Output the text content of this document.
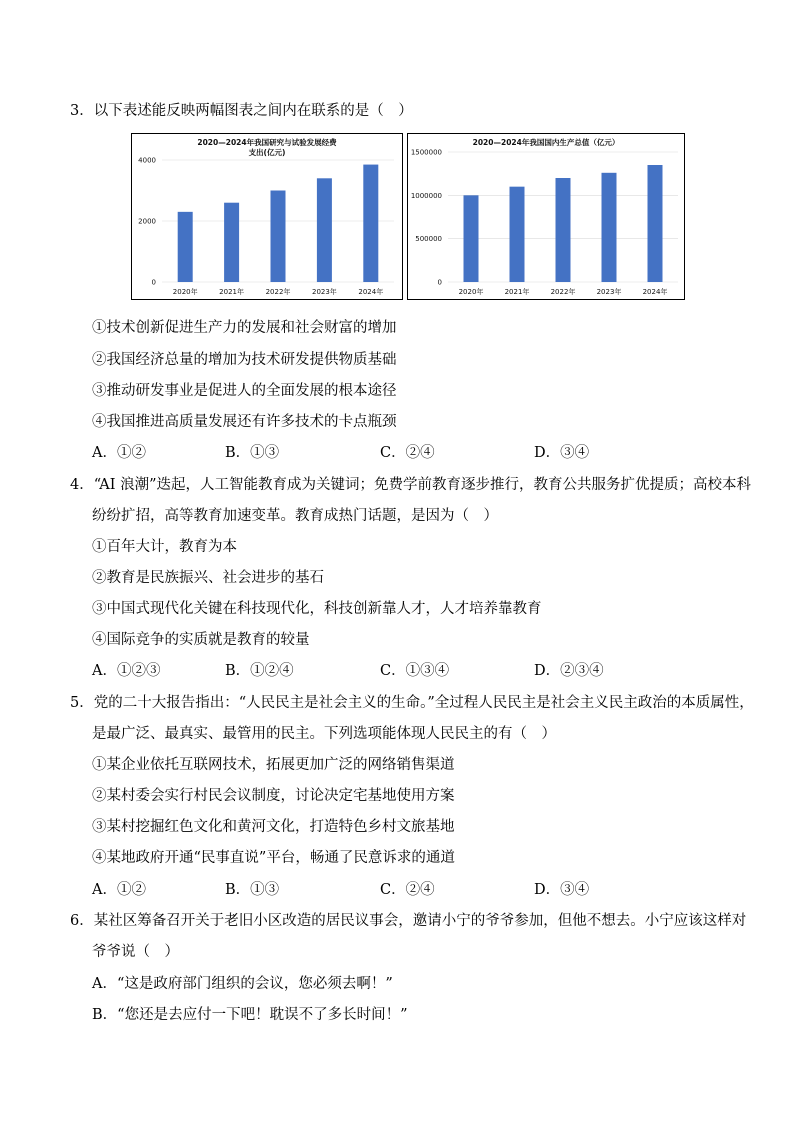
3．以下表述能反映两幅图表之间内在联系的是（　）
2020—2024年我国研究与试验发展经费
支出(亿元)
0
2000
4000
2020年	2021年	2022年	2023年	2024年
2020—2024年我国国内生产总值（亿元）
0
500000
1000000
1500000
2020年	2021年	2022年	2023年	2024年
①技术创新促进生产力的发展和社会财富的增加
②我国经济总量的增加为技术研发提供物质基础
③推动研发事业是促进人的全面发展的根本途径
④我国推进高质量发展还有许多技术的卡点瓶颈
A．①②	B．①③	C．②④	D．③④
4．“AI 浪潮”迭起，人工智能教育成为关键词；免费学前教育逐步推行，教育公共服务扩优提质；高校本科
纷纷扩招，高等教育加速变革。教育成热门话题，是因为（　）
①百年大计，教育为本
②教育是民族振兴、社会进步的基石
③中国式现代化关键在科技现代化，科技创新靠人才，人才培养靠教育
④国际竞争的实质就是教育的较量
A．①②③	B．①②④	C．①③④	D．②③④
5．党的二十大报告指出：“人民民主是社会主义的生命。”全过程人民民主是社会主义民主政治的本质属性，
是最广泛、最真实、最管用的民主。下列选项能体现人民民主的有（　）
①某企业依托互联网技术，拓展更加广泛的网络销售渠道
②某村委会实行村民会议制度，讨论决定宅基地使用方案
③某村挖掘红色文化和黄河文化，打造特色乡村文旅基地
④某地政府开通“民事直说”平台，畅通了民意诉求的通道
A．①②	B．①③	C．②④	D．③④
6．某社区筹备召开关于老旧小区改造的居民议事会，邀请小宁的爷爷参加，但他不想去。小宁应该这样对
爷爷说（　）
A．“这是政府部门组织的会议，您必须去啊！”
B．“您还是去应付一下吧！耽误不了多长时间！”
